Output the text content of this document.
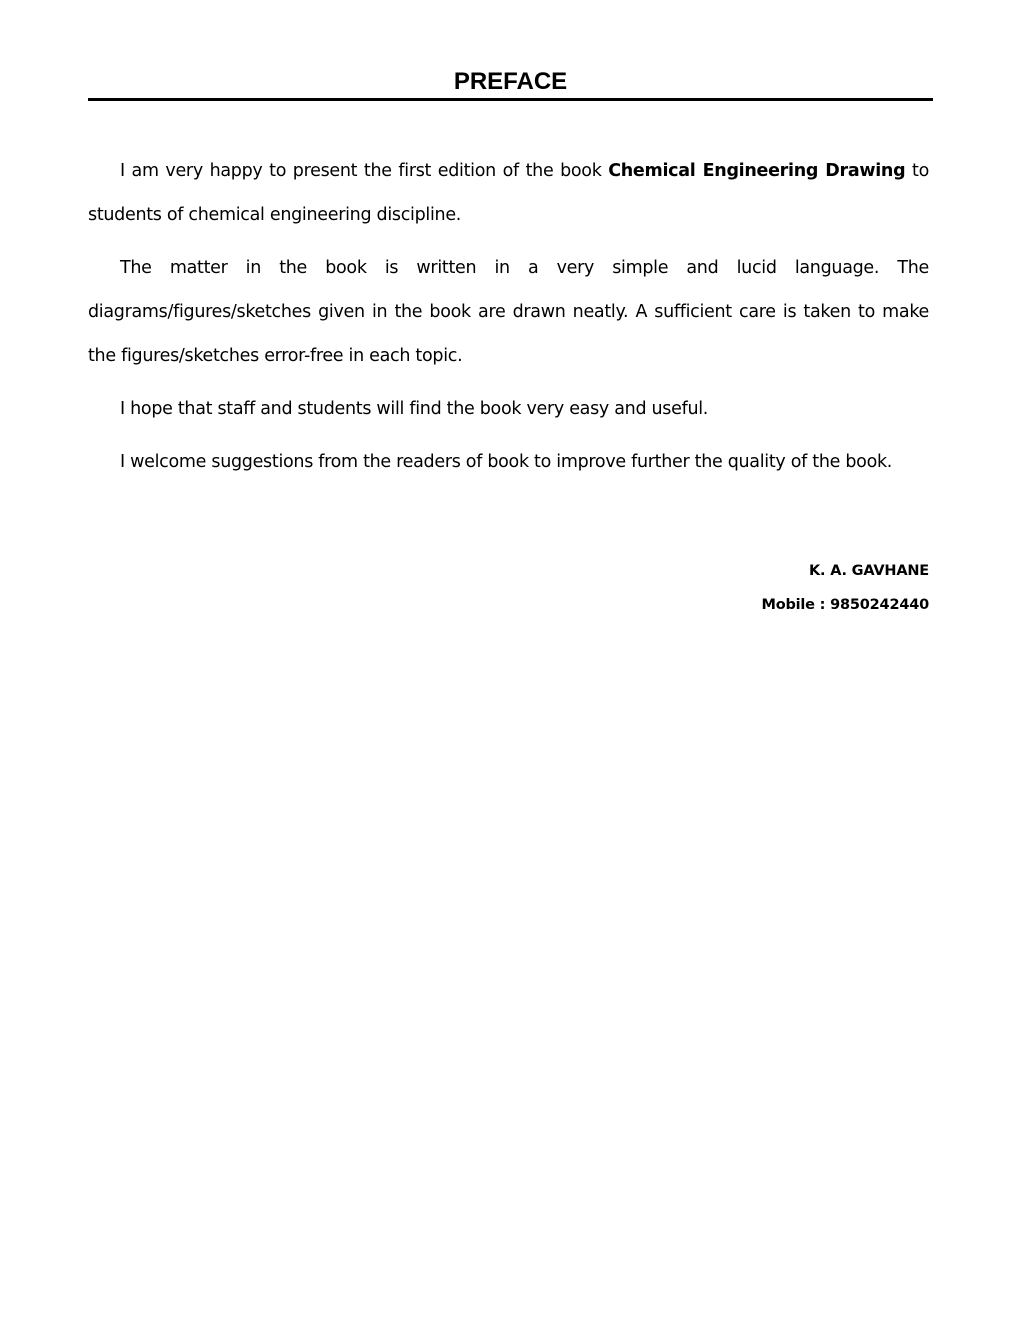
PREFACE

I am very happy to present the first edition of the book Chemical Engineering Drawing to students of chemical engineering discipline.

The matter in the book is written in a very simple and lucid language. The diagrams/figures/sketches given in the book are drawn neatly. A sufficient care is taken to make the figures/sketches error-free in each topic.

I hope that staff and students will find the book very easy and useful.

I welcome suggestions from the readers of book to improve further the quality of the book.

K. A. GAVHANE
Mobile : 9850242440
